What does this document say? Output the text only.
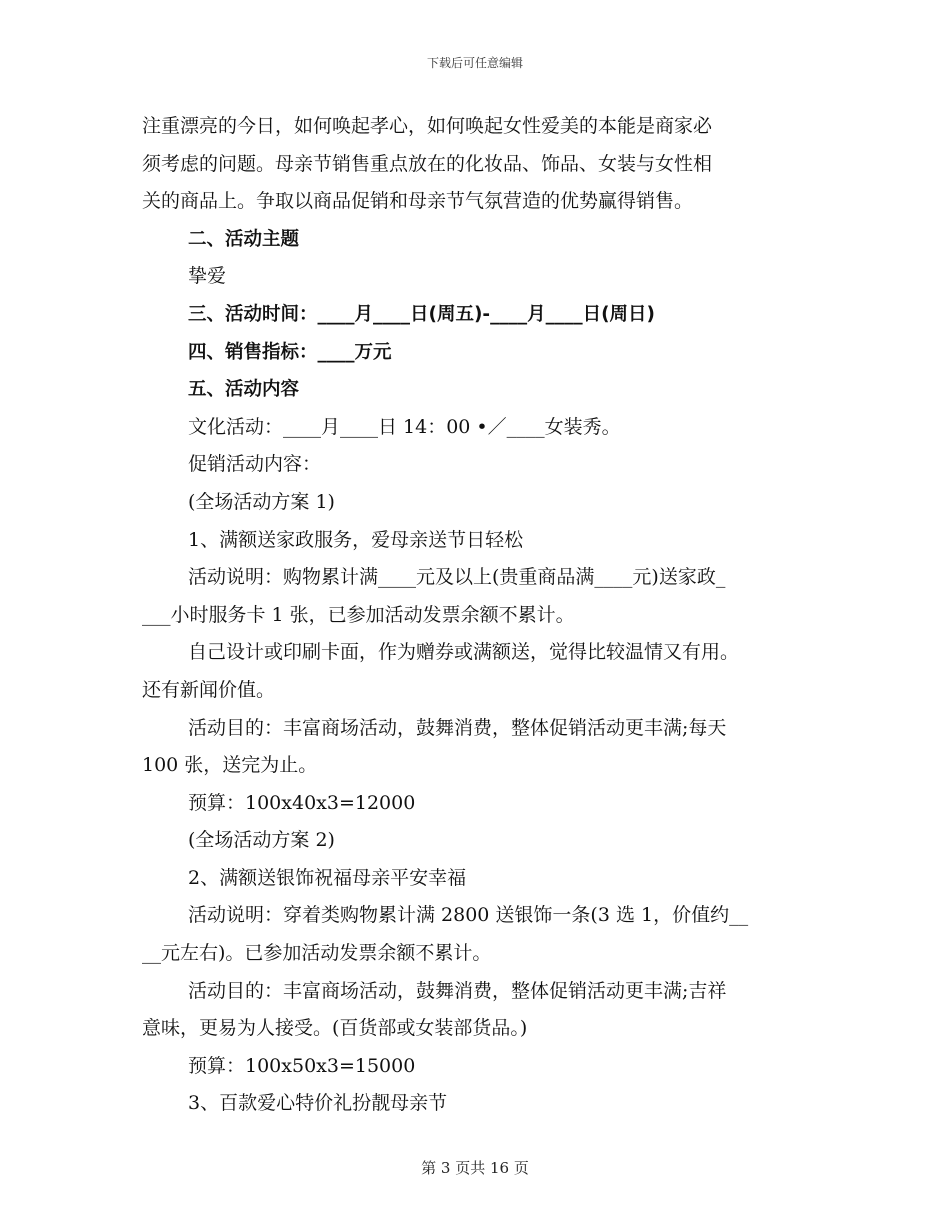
下载后可任意编辑
注重漂亮的今日，如何唤起孝心，如何唤起女性爱美的本能是商家必
须考虑的问题。母亲节销售重点放在的化妆品、饰品、女装与女性相
关的商品上。争取以商品促销和母亲节气氛营造的优势赢得销售。
二、活动主题
挚爱
三、活动时间：____月____日(周五)-____月____日(周日)
四、销售指标：____万元
五、活动内容
文化活动：____月____日 14：00 •／____女装秀。
促销活动内容：
(全场活动方案 1)
1、满额送家政服务，爱母亲送节日轻松
活动说明：购物累计满____元及以上(贵重商品满____元)送家政_
___小时服务卡 1 张，已参加活动发票余额不累计。
自己设计或印刷卡面，作为赠券或满额送，觉得比较温情又有用。
还有新闻价值。
活动目的：丰富商场活动，鼓舞消费，整体促销活动更丰满;每天
100 张，送完为止。
预算：100x40x3=12000
(全场活动方案 2)
2、满额送银饰祝福母亲平安幸福
活动说明：穿着类购物累计满 2800 送银饰一条(3 选 1，价值约__
__元左右)。已参加活动发票余额不累计。
活动目的：丰富商场活动，鼓舞消费，整体促销活动更丰满;吉祥
意味，更易为人接受。(百货部或女装部货品。)
预算：100x50x3=15000
3、百款爱心特价礼扮靓母亲节
第 3 页共 16 页
